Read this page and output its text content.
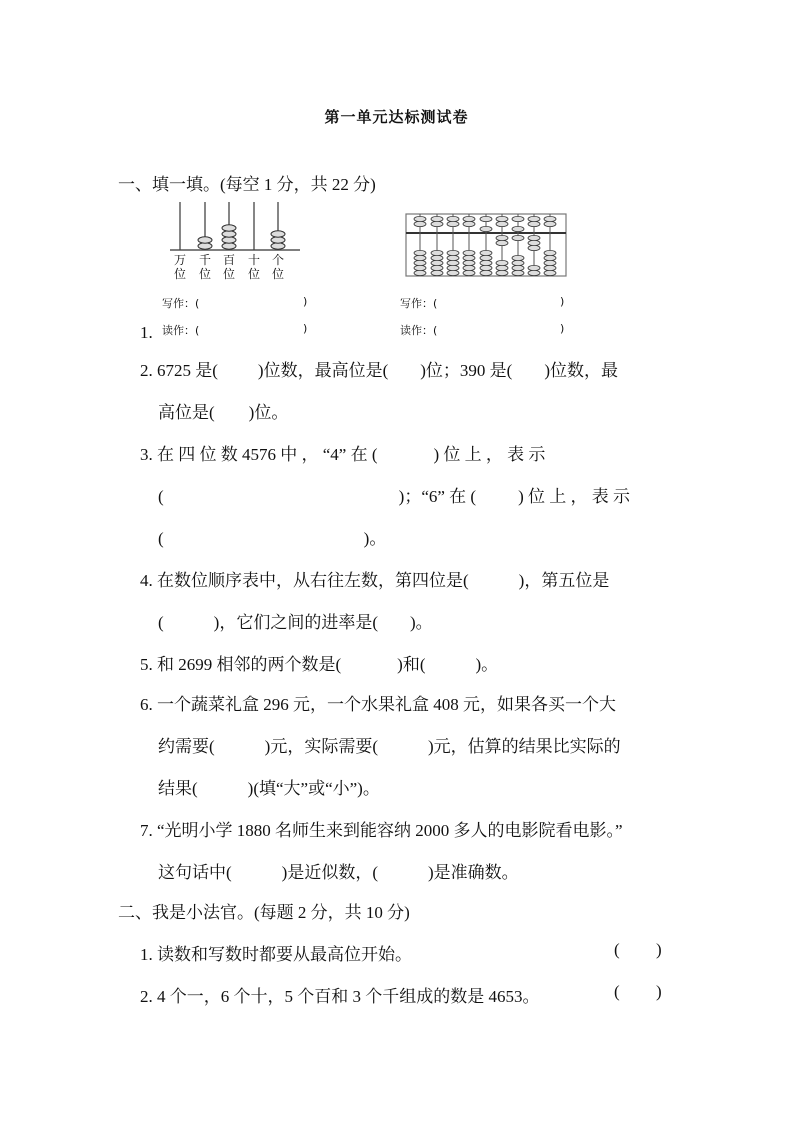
第一单元达标测试卷
一、填一填。(每空 1 分，共 22 分)
万位
千位
百位
十位
个位
写作：(	)	写作：(	)
1. 读作：(	)	读作：(	)
2. 6725 是( )位数，最高位是( )位；390 是( )位数，最
高位是( )位。
3. 在 四 位 数 4576 中 ， “4” 在 (	) 位 上 ， 表 示
(	)；“6” 在 ( ) 位 上 ， 表 示
(	)。
4. 在数位顺序表中，从右往左数，第四位是(	)，第五位是
(	)，它们之间的进率是( )。
5. 和 2699 相邻的两个数是(	)和(	)。
6. 一个蔬菜礼盒 296 元，一个水果礼盒 408 元，如果各买一个大
约需要(	)元，实际需要(	)元，估算的结果比实际的
结果(	)(填“大”或“小”)。
7. “光明小学 1880 名师生来到能容纳 2000 多人的电影院看电影。”
这句话中(	)是近似数，(	)是准确数。
二、我是小法官。(每题 2 分，共 10 分)
1. 读数和写数时都要从最高位开始。	( )
2. 4 个一，6 个十，5 个百和 3 个千组成的数是 4653。	( )
